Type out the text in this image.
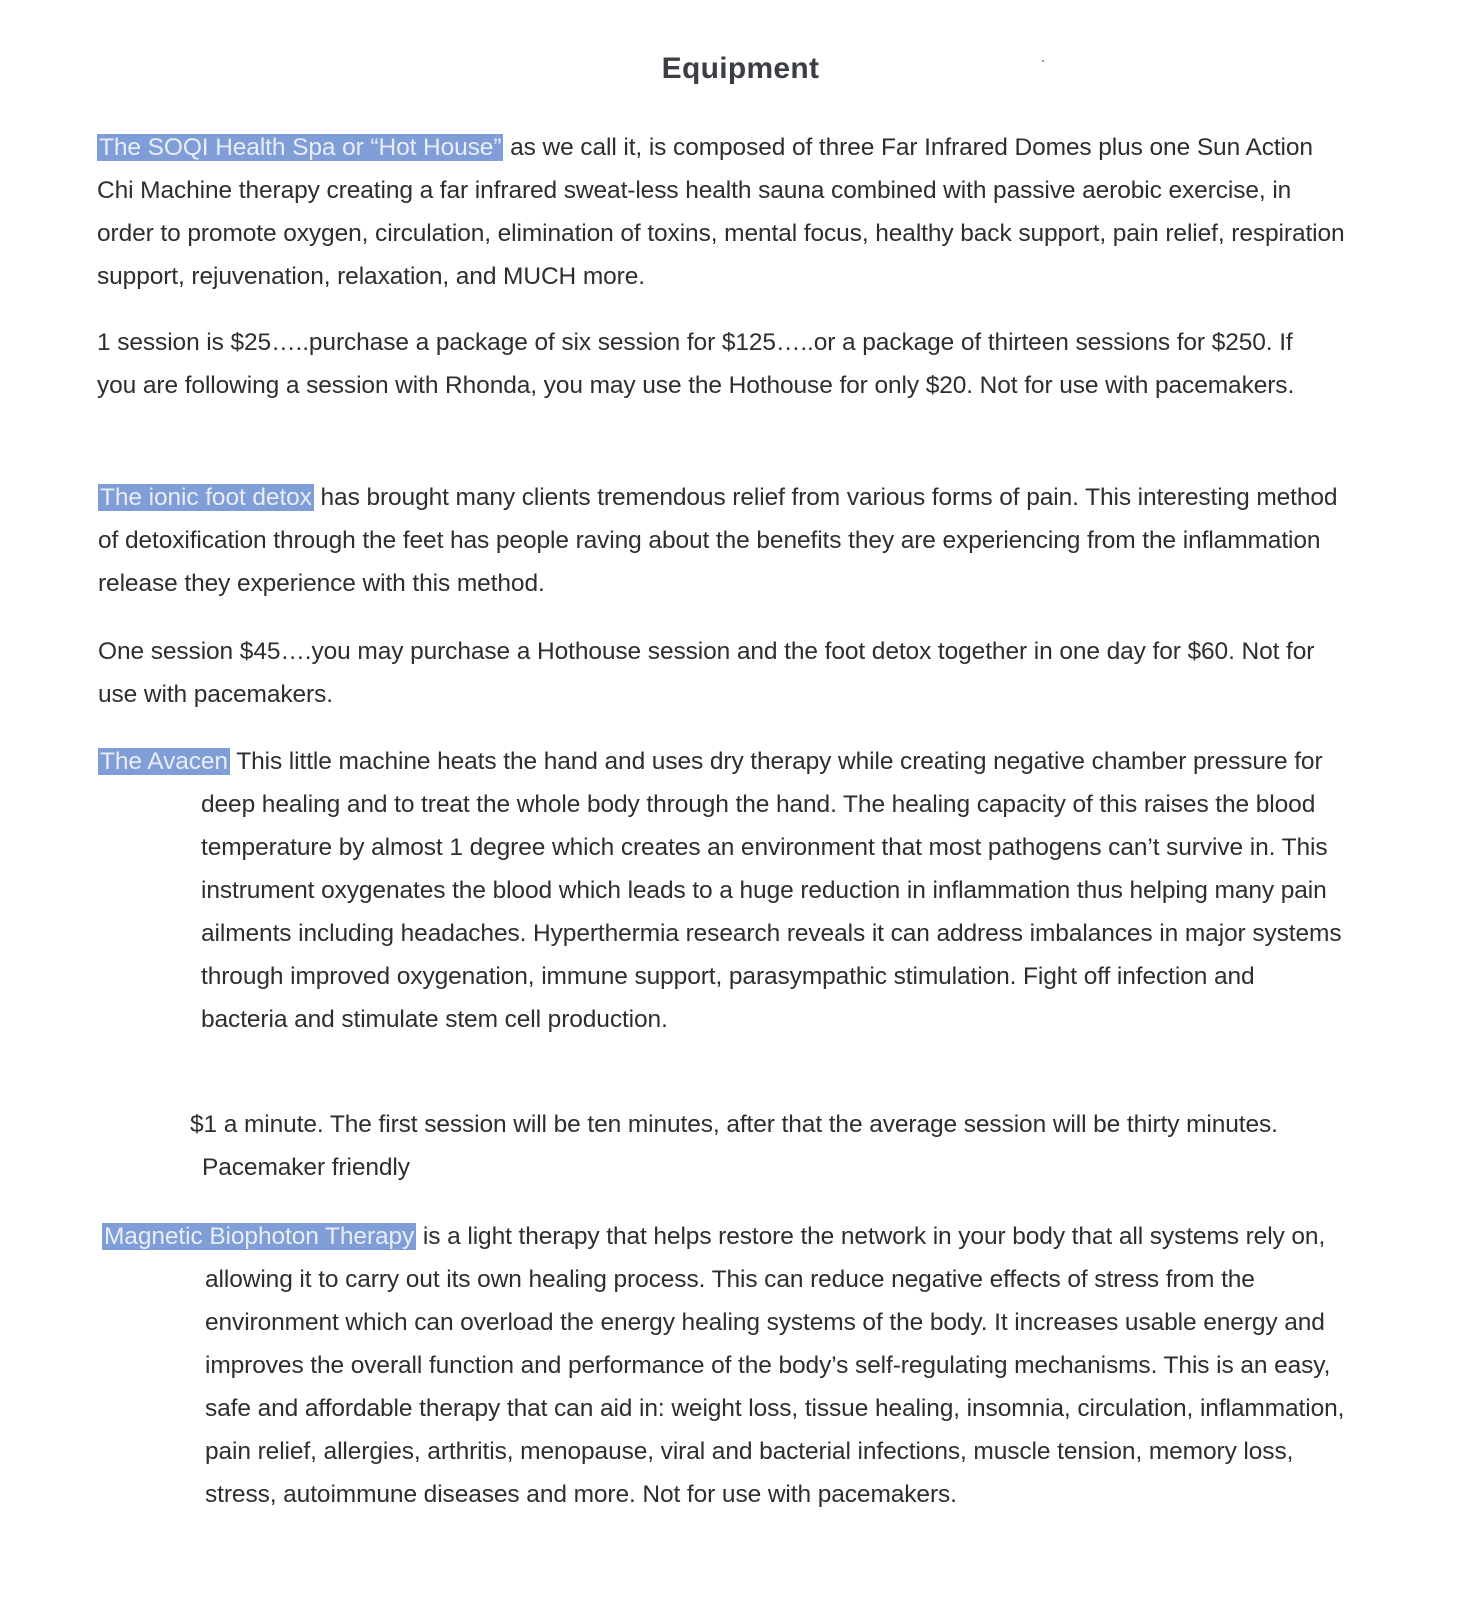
Equipment

The SOQI Health Spa or “Hot House” as we call it, is composed of three Far Infrared Domes plus one Sun Action Chi Machine therapy creating a far infrared sweat-less health sauna combined with passive aerobic exercise, in order to promote oxygen, circulation, elimination of toxins, mental focus, healthy back support, pain relief, respiration support, rejuvenation, relaxation, and MUCH more.

1 session is $25…..purchase a package of six session for $125…..or a package of thirteen sessions for $250. If you are following a session with Rhonda, you may use the Hothouse for only $20. Not for use with pacemakers.

The ionic foot detox has brought many clients tremendous relief from various forms of pain. This interesting method of detoxification through the feet has people raving about the benefits they are experiencing from the inflammation release they experience with this method.

One session $45….you may purchase a Hothouse session and the foot detox together in one day for $60. Not for use with pacemakers.

The Avacen This little machine heats the hand and uses dry therapy while creating negative chamber pressure for deep healing and to treat the whole body through the hand. The healing capacity of this raises the blood temperature by almost 1 degree which creates an environment that most pathogens can’t survive in. This instrument oxygenates the blood which leads to a huge reduction in inflammation thus helping many pain ailments including headaches. Hyperthermia research reveals it can address imbalances in major systems through improved oxygenation, immune support, parasympathic stimulation. Fight off infection and bacteria and stimulate stem cell production.

$1 a minute. The first session will be ten minutes, after that the average session will be thirty minutes. Pacemaker friendly

Magnetic Biophoton Therapy is a light therapy that helps restore the network in your body that all systems rely on, allowing it to carry out its own healing process. This can reduce negative effects of stress from the environment which can overload the energy healing systems of the body. It increases usable energy and improves the overall function and performance of the body’s self-regulating mechanisms. This is an easy, safe and affordable therapy that can aid in: weight loss, tissue healing, insomnia, circulation, inflammation, pain relief, allergies, arthritis, menopause, viral and bacterial infections, muscle tension, memory loss, stress, autoimmune diseases and more. Not for use with pacemakers.
